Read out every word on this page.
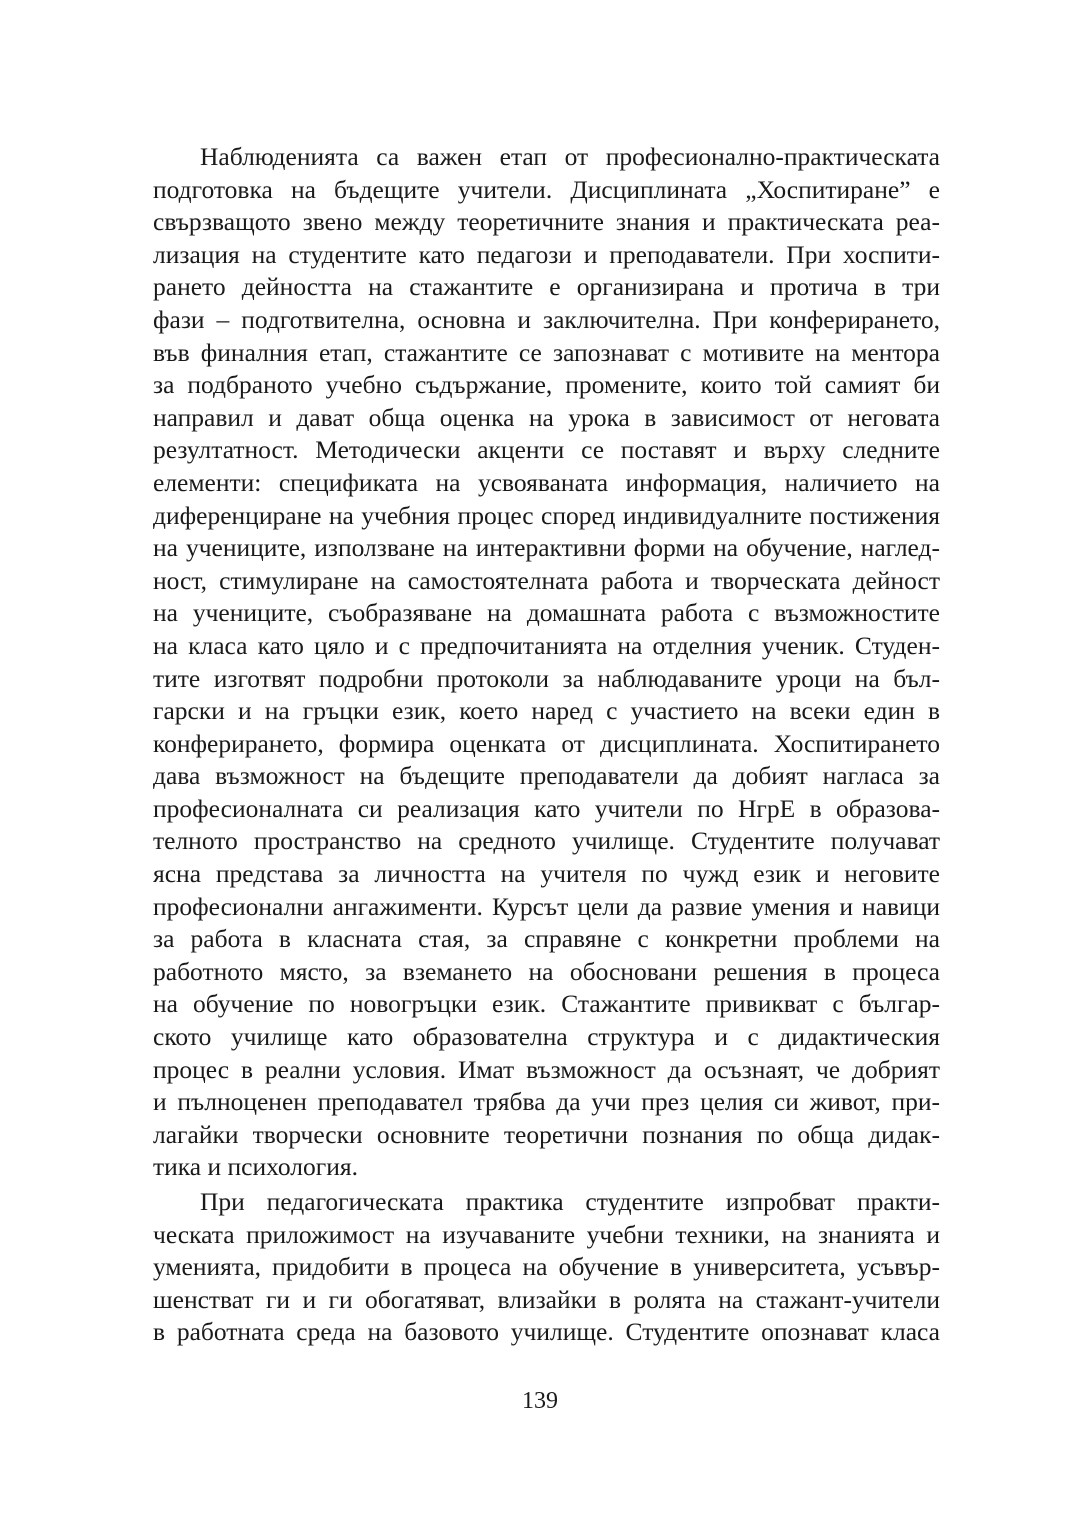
Наблюденията са важен етап от професионално-практическата
подготовка на бъдещите учители. Дисциплината „Хоспитиране” е
свързващото звено между теоретичните знания и практическата реа-
лизация на студентите като педагози и преподаватели. При хоспити-
рането дейността на стажантите е организирана и протича в три
фази – подготвителна, основна и заключителна. При конферирането,
във финалния етап, стажантите се запознават с мотивите на ментора
за подбраното учебно съдържание, промените, които той самият би
направил и дават обща оценка на урока в зависимост от неговата
резултатност. Методически акценти се поставят и върху следните
елементи: спецификата на усвояваната информация, наличието на
диференциране на учебния процес според индивидуалните постижения
на учениците, използване на интерактивни форми на обучение, наглед-
ност, стимулиране на самостоятелната работа и творческата дейност
на учениците, съобразяване на домашната работа с възможностите
на класа като цяло и с предпочитанията на отделния ученик. Студен-
тите изготвят подробни протоколи за наблюдаваните уроци на бъл-
гарски и на гръцки език, което наред с участието на всеки един в
конферирането, формира оценката от дисциплината. Хоспитирането
дава възможност на бъдещите преподаватели да добият нагласа за
професионалната си реализация като учители по НгрЕ в образова-
телното пространство на средното училище. Студентите получават
ясна представа за личността на учителя по чужд език и неговите
професионални ангажименти. Курсът цели да развие умения и навици
за работа в класната стая, за справяне с конкретни проблеми на
работното място, за вземането на обосновани решения в процеса
на обучение по новогръцки език. Стажантите привикват с българ-
ското училище като образователна структура и с дидактическия
процес в реални условия. Имат възможност да осъзнаят, че добрият
и пълноценен преподавател трябва да учи през целия си живот, при-
лагайки творчески основните теоретични познания по обща дидак-
тика и психология.
При педагогическата практика студентите изпробват практи-
ческата приложимост на изучаваните учебни техники, на знанията и
уменията, придобити в процеса на обучение в университета, усъвър-
шенстват ги и ги обогатяват, влизайки в ролята на стажант-учители
в работната среда на базовото училище. Студентите опознават класа
139
